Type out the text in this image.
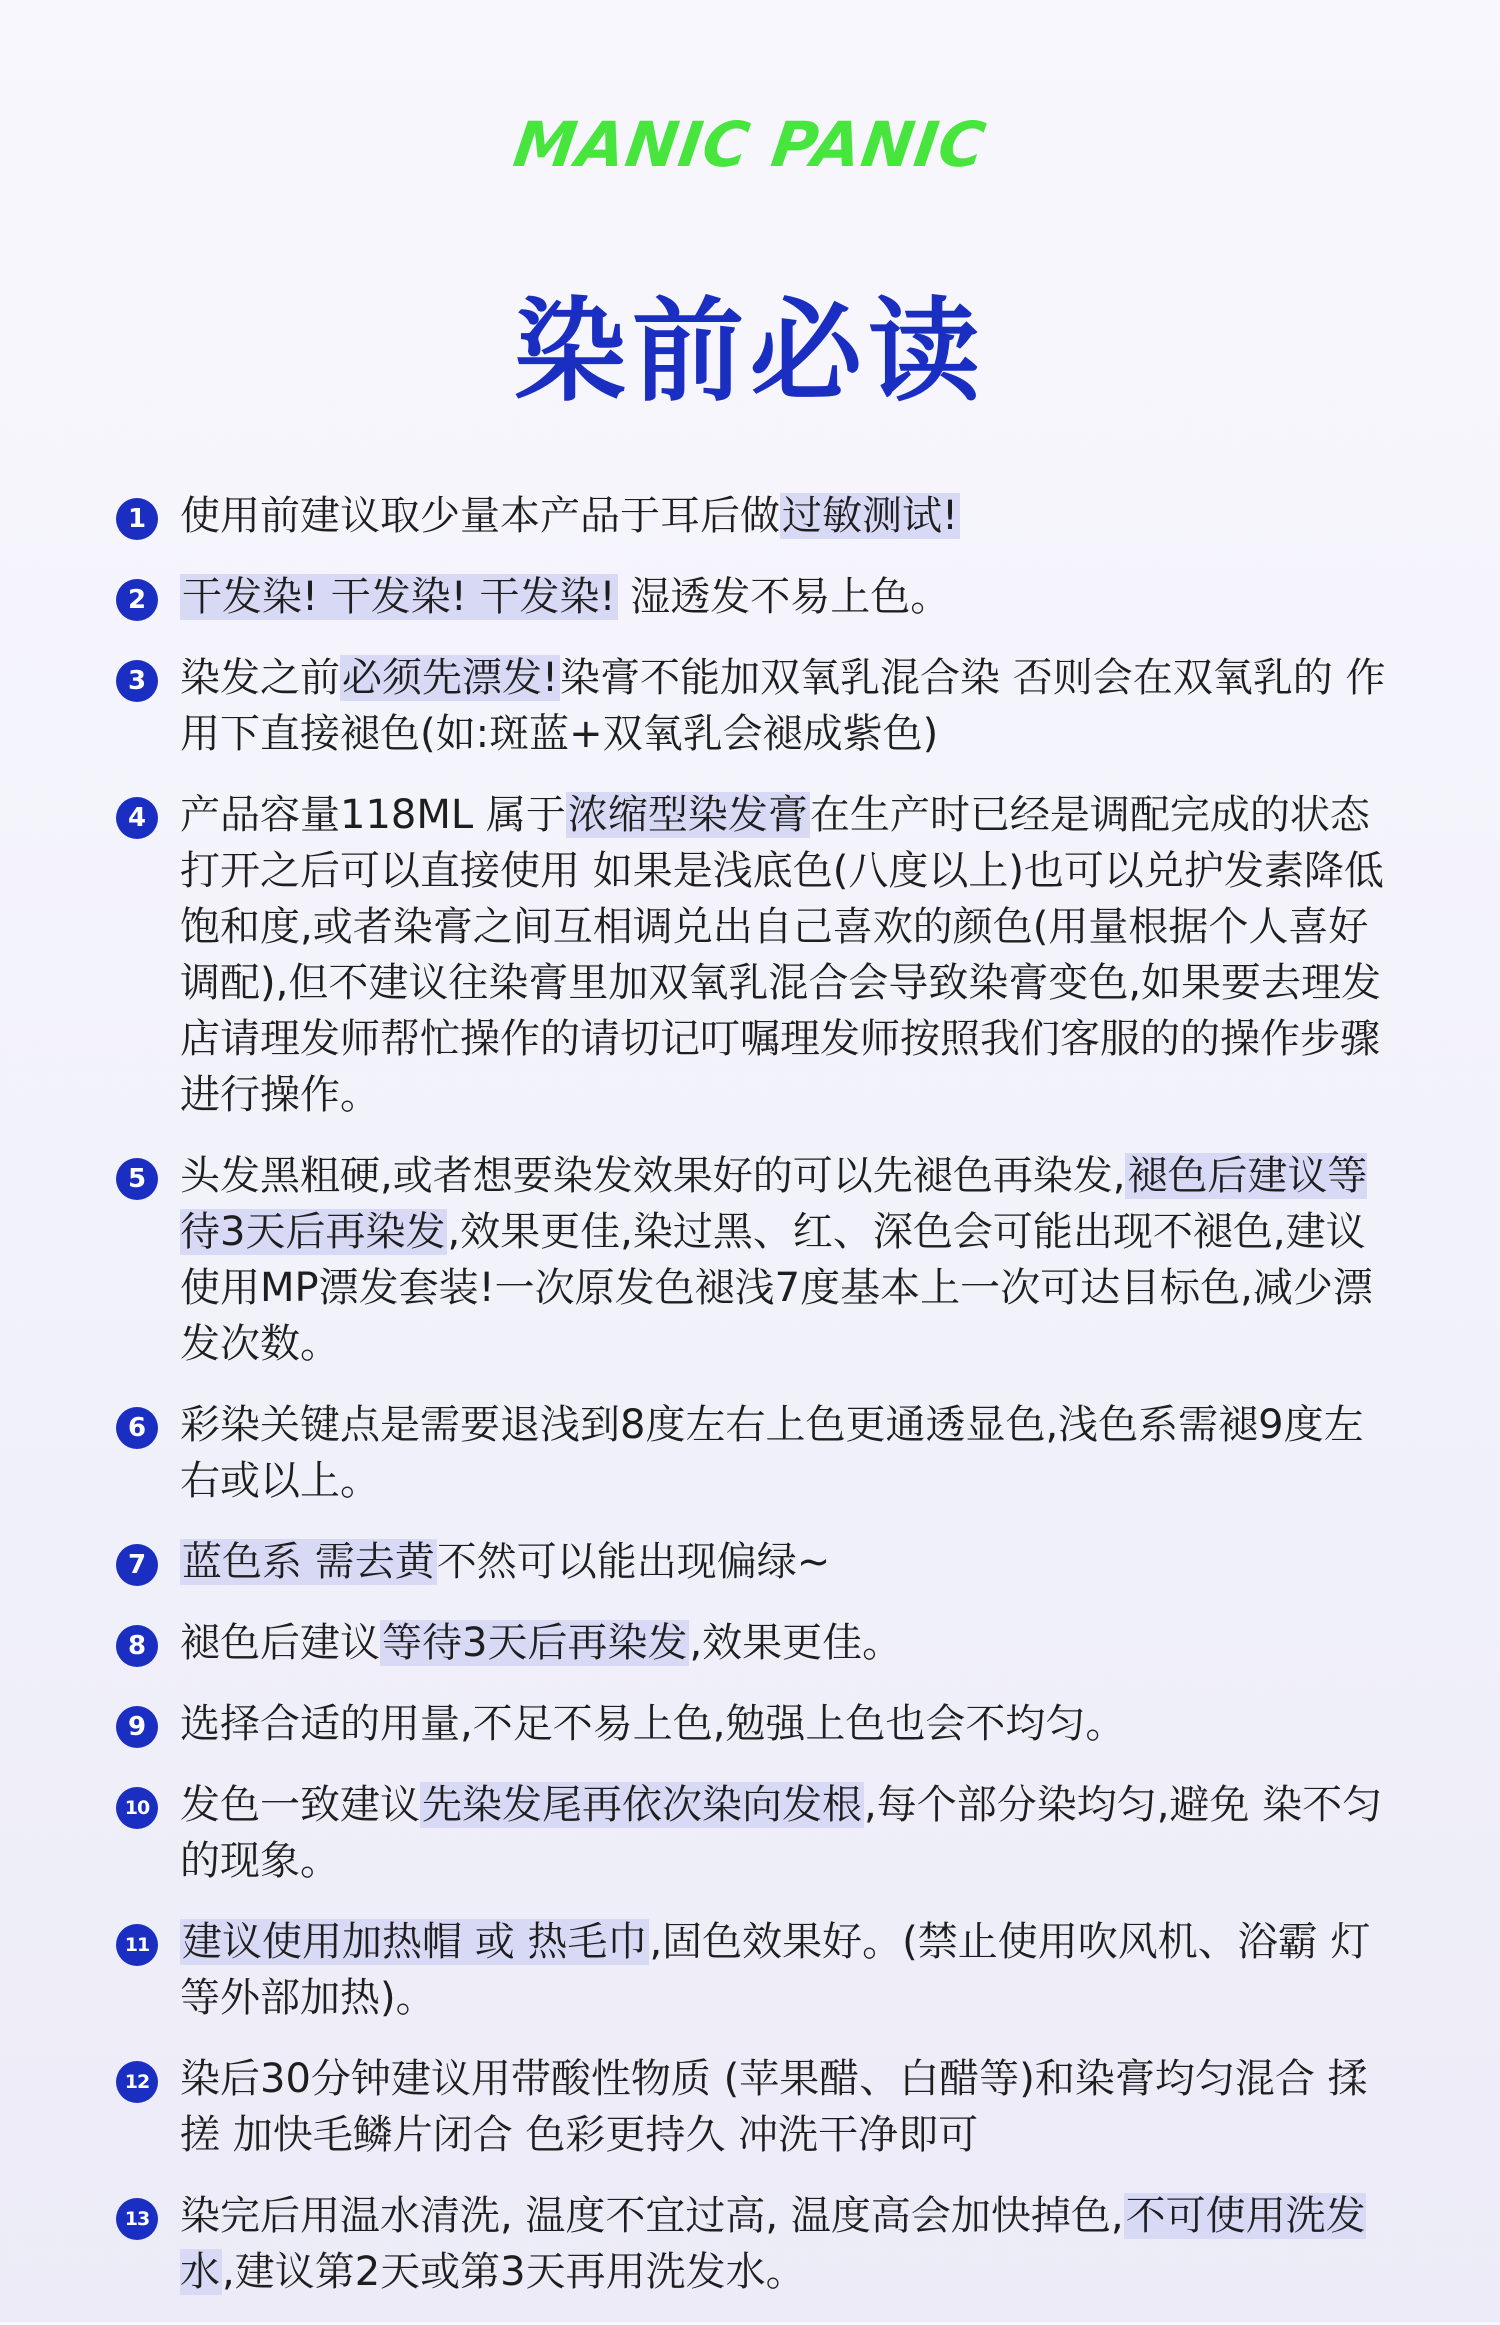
MANIC PANIC
染前必读
1 使用前建议取少量本产品于耳后做过敏测试!
2 干发染! 干发染! 干发染! 湿透发不易上色。
3 染发之前必须先漂发!染膏不能加双氧乳混合染 否则会在双氧乳的 作用下直接褪色(如:斑蓝+双氧乳会褪成紫色)
4 产品容量118ML 属于浓缩型染发膏在生产时已经是调配完成的状态打开之后可以直接使用 如果是浅底色(八度以上)也可以兑护发素降低饱和度,或者染膏之间互相调兑出自己喜欢的颜色(用量根据个人喜好调配),但不建议往染膏里加双氧乳混合会导致染膏变色,如果要去理发店请理发师帮忙操作的请切记叮嘱理发师按照我们客服的的操作步骤进行操作。
5 头发黑粗硬,或者想要染发效果好的可以先褪色再染发,褪色后建议等待3天后再染发,效果更佳,染过黑、红、深色会可能出现不褪色,建议使用MP漂发套装!一次原发色褪浅7度基本上一次可达目标色,减少漂发次数。
6 彩染关键点是需要退浅到8度左右上色更通透显色,浅色系需褪9度左右或以上。
7 蓝色系 需去黄不然可以能出现偏绿~
8 褪色后建议等待3天后再染发,效果更佳。
9 选择合适的用量,不足不易上色,勉强上色也会不均匀。
10 发色一致建议先染发尾再依次染向发根,每个部分染均匀,避免 染不匀的现象。
11 建议使用加热帽 或 热毛巾,固色效果好。(禁止使用吹风机、浴霸 灯等外部加热)。
12 染后30分钟建议用带酸性物质 (苹果醋、白醋等)和染膏均匀混合 揉搓 加快毛鳞片闭合 色彩更持久 冲洗干净即可
13 染完后用温水清洗, 温度不宜过高, 温度高会加快掉色,不可使用洗发水,建议第2天或第3天再用洗发水。
